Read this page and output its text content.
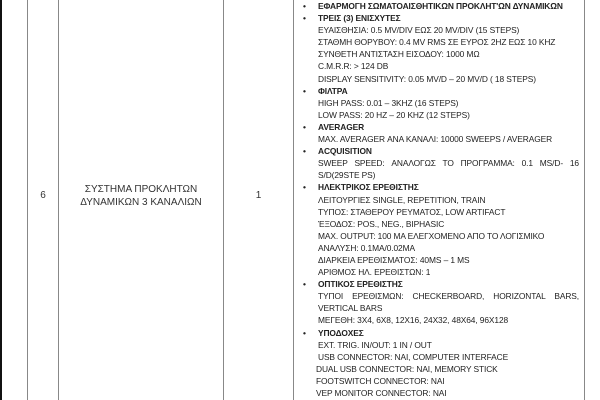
6
ΣΥΣΤΗΜΑ ΠΡΟΚΛΗΤΩΝ
ΔΥΝΑΜΙΚΩΝ 3 ΚΑΝΑΛΙΩΝ
1
• ΕΦΑΡΜΟΓΗ ΣΩΜΑΤΟΑΙΣΘΗΤΙΚΩΝ ΠΡΟΚΛΗΤ'ΩΝ ΔΥΝΑΜΙΚΩΝ
• ΤΡΕΙΣ (3) ΕΝΙΣΧΥΤΕΣ
ΕΥΑΙΣΘΗΣΙΑ: 0.5 MV/DIV ΕΩΣ 20 MV/DIV (15 STEPS)
ΣΤΑΘΜΗ ΘΟΡΥΒΟΥ: 0.4 MV RMS ΣΕ ΕΥΡΟΣ 2HZ ΕΩΣ 10 KHZ
ΣΥΝΘΕΤΗ ΑΝΤΙΣΤΑΣΗ ΕΙΣΟΔΟΥ: 1000 ΜΩ
C.M.R.R: > 124 DB
DISPLAY SENSITIVITY: 0.05 MV/D – 20 MV/D ( 18 STEPS)
• ΦΙΛΤΡΑ
HIGH PASS: 0.01 – 3KHZ (16 STEPS)
LOW PASS: 20 HZ – 20 KHZ (12 STEPS)
• AVERAGER
MAX. AVERAGER ΑΝΑ ΚΑΝΑΛΙ: 10000 SWEEPS / AVERAGER
• ACQUISITION
SWEEP SPEED: ΑΝΑΛΟΓΩΣ ΤΟ ΠΡΟΓΡΑΜΜΑ: 0.1 MS/D- 16
S/D(29STE PS)
• ΗΛΕΚΤΡΙΚΟΣ ΕΡΕΘΙΣΤΗΣ
ΛΕΙΤΟΥΡΓΙΕΣ SINGLE, REPETITION, TRAIN
ΤΥΠΟΣ: ΣΤΑΘΕΡΟΥ ΡΕΥΜΑΤΟΣ, LOW ARTIFACT
ΈΞΟΔΟΣ: POS., NEG., BIPHASIC
MAX. OUTPUT: 100 MA ΕΛΕΓΧΟΜΕΝΟ ΑΠΟ ΤΟ ΛΟΓΙΣΜΙΚΟ
ΑΝΑΛΥΣΗ: 0.1MA/0.02MA
ΔΙΑΡΚΕΙΑ ΕΡΕΘΙΣΜΑΤΟΣ: 40MS – 1 MS
ΑΡΙΘΜΟΣ ΗΛ. ΕΡΕΘΙΣΤΩΝ: 1
• ΟΠΤΙΚΟΣ ΕΡΕΘΙΣΤΗΣ
ΤΥΠΟΙ ΕΡΕΘΙΣΜΩΝ: CHECKERBOARD, HORIZONTAL BARS,
VERTICAL BARS
ΜΕΓΕΘΗ: 3X4, 6X8, 12X16, 24X32, 48X64, 96X128
• ΥΠΟΔΟΧΕΣ
EXT. TRIG. IN/OUT: 1 IN / OUT
USB CONNECTOR: NAI, COMPUTER INTERFACE
DUAL USB CONNECTOR: NAI, MEMORY STICK
FOOTSWITCH CONNECTOR: NAI
VEP MONITOR CONNECTOR: NAI
